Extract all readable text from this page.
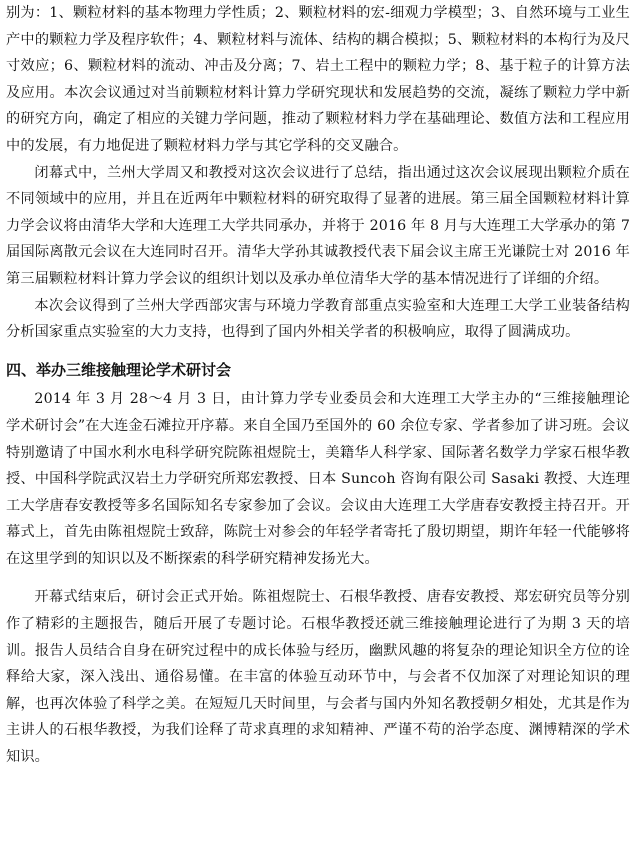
别为：1、颗粒材料的基本物理力学性质；2、颗粒材料的宏-细观力学模型；3、自然环境与工业生产中的颗粒力学及程序软件；4、颗粒材料与流体、结构的耦合模拟；5、颗粒材料的本构行为及尺寸效应；6、颗粒材料的流动、冲击及分离；7、岩土工程中的颗粒力学；8、基于粒子的计算方法及应用。本次会议通过对当前颗粒材料计算力学研究现状和发展趋势的交流，凝练了颗粒力学中新的研究方向，确定了相应的关键力学问题，推动了颗粒材料力学在基础理论、数值方法和工程应用中的发展，有力地促进了颗粒材料力学与其它学科的交叉融合。

闭幕式中，兰州大学周又和教授对这次会议进行了总结，指出通过这次会议展现出颗粒介质在不同领域中的应用，并且在近两年中颗粒材料的研究取得了显著的进展。第三届全国颗粒材料计算力学会议将由清华大学和大连理工大学共同承办，并将于 2016 年 8 月与大连理工大学承办的第 7 届国际离散元会议在大连同时召开。清华大学孙其诚教授代表下届会议主席王光谦院士对 2016 年第三届颗粒材料计算力学会议的组织计划以及承办单位清华大学的基本情况进行了详细的介绍。

本次会议得到了兰州大学西部灾害与环境力学教育部重点实验室和大连理工大学工业装备结构分析国家重点实验室的大力支持，也得到了国内外相关学者的积极响应，取得了圆满成功。

四、举办三维接触理论学术研讨会

2014 年 3 月 28～4 月 3 日，由计算力学专业委员会和大连理工大学主办的“三维接触理论学术研讨会”在大连金石滩拉开序幕。来自全国乃至国外的 60 余位专家、学者参加了讲习班。会议特别邀请了中国水利水电科学研究院陈祖煜院士，美籍华人科学家、国际著名数学力学家石根华教授、中国科学院武汉岩土力学研究所郑宏教授、日本 Suncoh 咨询有限公司 Sasaki 教授、大连理工大学唐春安教授等多名国际知名专家参加了会议。会议由大连理工大学唐春安教授主持召开。开幕式上，首先由陈祖煜院士致辞，陈院士对参会的年轻学者寄托了殷切期望，期许年轻一代能够将在这里学到的知识以及不断探索的科学研究精神发扬光大。

开幕式结束后，研讨会正式开始。陈祖煜院士、石根华教授、唐春安教授、郑宏研究员等分别作了精彩的主题报告，随后开展了专题讨论。石根华教授还就三维接触理论进行了为期 3 天的培训。报告人员结合自身在研究过程中的成长体验与经历，幽默风趣的将复杂的理论知识全方位的诠释给大家，深入浅出、通俗易懂。在丰富的体验互动环节中，与会者不仅加深了对理论知识的理解，也再次体验了科学之美。在短短几天时间里，与会者与国内外知名教授朝夕相处，尤其是作为主讲人的石根华教授，为我们诠释了苛求真理的求知精神、严谨不苟的治学态度、渊博精深的学术知识。
